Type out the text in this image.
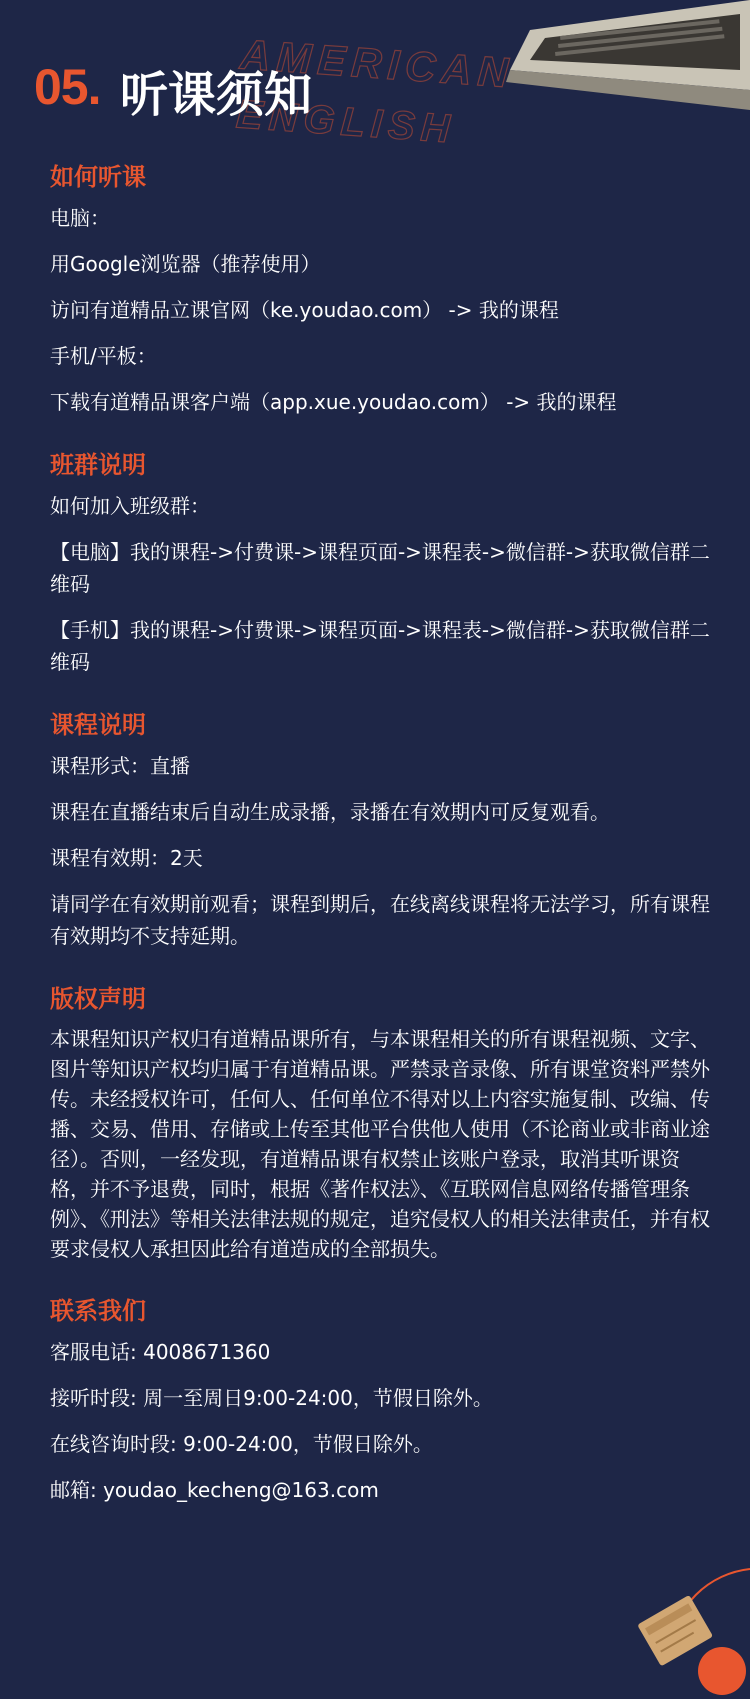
AMERICAN
ENGLISH
05. 听课须知
如何听课
电脑：
用Google浏览器（推荐使用）
访问有道精品立课官网（ke.youdao.com） -> 我的课程
手机/平板：
下载有道精品课客户端（app.xue.youdao.com） -> 我的课程
班群说明
如何加入班级群：
【电脑】我的课程->付费课->课程页面->课程表->微信群->获取微信群二维码
【手机】我的课程->付费课->课程页面->课程表->微信群->获取微信群二维码
课程说明
课程形式：直播
课程在直播结束后自动生成录播，录播在有效期内可反复观看。
课程有效期：2天
请同学在有效期前观看；课程到期后，在线离线课程将无法学习，所有课程有效期均不支持延期。
版权声明
本课程知识产权归有道精品课所有，与本课程相关的所有课程视频、文字、图片等知识产权均归属于有道精品课。严禁录音录像、所有课堂资料严禁外传。未经授权许可，任何人、任何单位不得对以上内容实施复制、改编、传播、交易、借用、存储或上传至其他平台供他人使用（不论商业或非商业途径）。否则，一经发现，有道精品课有权禁止该账户登录，取消其听课资格，并不予退费，同时，根据《著作权法》、《互联网信息网络传播管理条例》、《刑法》等相关法律法规的规定，追究侵权人的相关法律责任，并有权要求侵权人承担因此给有道造成的全部损失。
联系我们
客服电话: 4008671360
接听时段: 周一至周日9:00-24:00，节假日除外。
在线咨询时段: 9:00-24:00，节假日除外。
邮箱: youdao_kecheng@163.com
